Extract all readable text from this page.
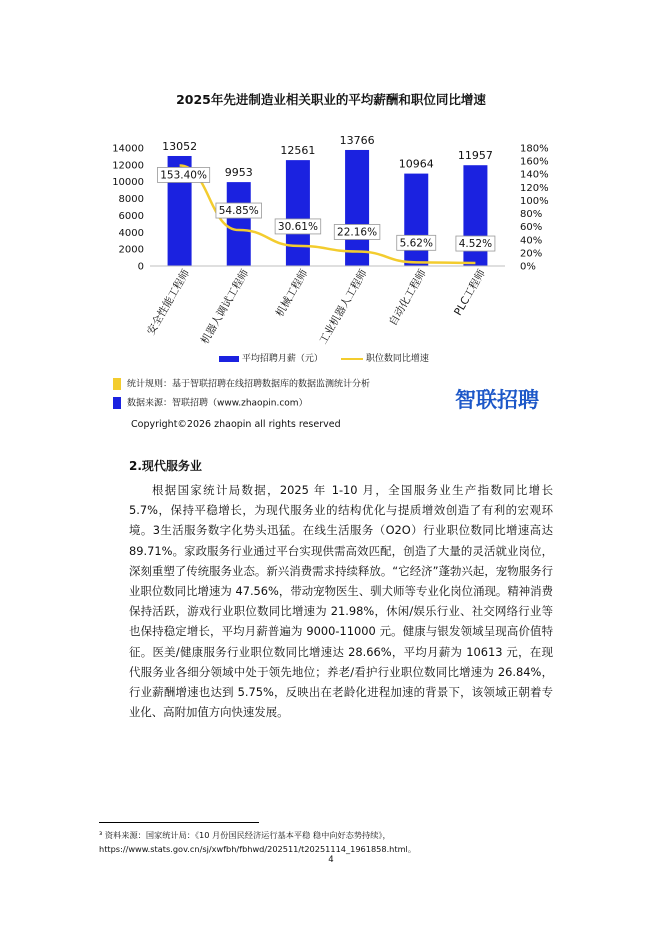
2025年先进制造业相关职业的平均薪酬和职位同比增速
0
2000
4000
6000
8000
10000
12000
14000
0%
20%
40%
60%
80%
100%
120%
140%
160%
180%
安全性能工程师 机器人调试工程师 机械工程师 工业机器人工程师 自动化工程师 PLC工程师
13052
9953
12561
13766
10964
11957
153.40%
54.85%
30.61% 22.16%
5.62% 4.52%
平均招聘月薪（元）	职位数同比增速
统计规则：基于智联招聘在线招聘数据库的数据监测统计分析
数据来源：智联招聘（www.zhaopin.com）	智联招聘
Copyright©2026 zhaopin all rights reserved
2.现代服务业
根据国家统计局数据，2025 年 1-10 月，全国服务业生产指数同比增长 5.7%，保持平稳增长，为现代服务业的结构优化与提质增效创造了有利的宏观环境。3生活服务数字化势头迅猛。在线生活服务（O2O）行业职位数同比增速高达 89.71%。家政服务行业通过平台实现供需高效匹配，创造了大量的灵活就业岗位，深刻重塑了传统服务业态。新兴消费需求持续释放。“它经济”蓬勃兴起，宠物服务行业职位数同比增速为 47.56%，带动宠物医生、驯犬师等专业化岗位涌现。精神消费保持活跃，游戏行业职位数同比增速为 21.98%，休闲/娱乐行业、社交网络行业等也保持稳定增长，平均月薪普遍为 9000-11000 元。健康与银发领域呈现高价值特征。医美/健康服务行业职位数同比增速达 28.66%，平均月薪为 10613 元，在现代服务业各细分领域中处于领先地位；养老/看护行业职位数同比增速为 26.84%，行业薪酬增速也达到 5.75%，反映出在老龄化进程加速的背景下，该领域正朝着专业化、高附加值方向快速发展。
³ 资料来源：国家统计局：《10 月份国民经济运行基本平稳 稳中向好态势持续》，https://www.stats.gov.cn/sj/xwfbh/fbhwd/202511/t20251114_1961858.html。
4
